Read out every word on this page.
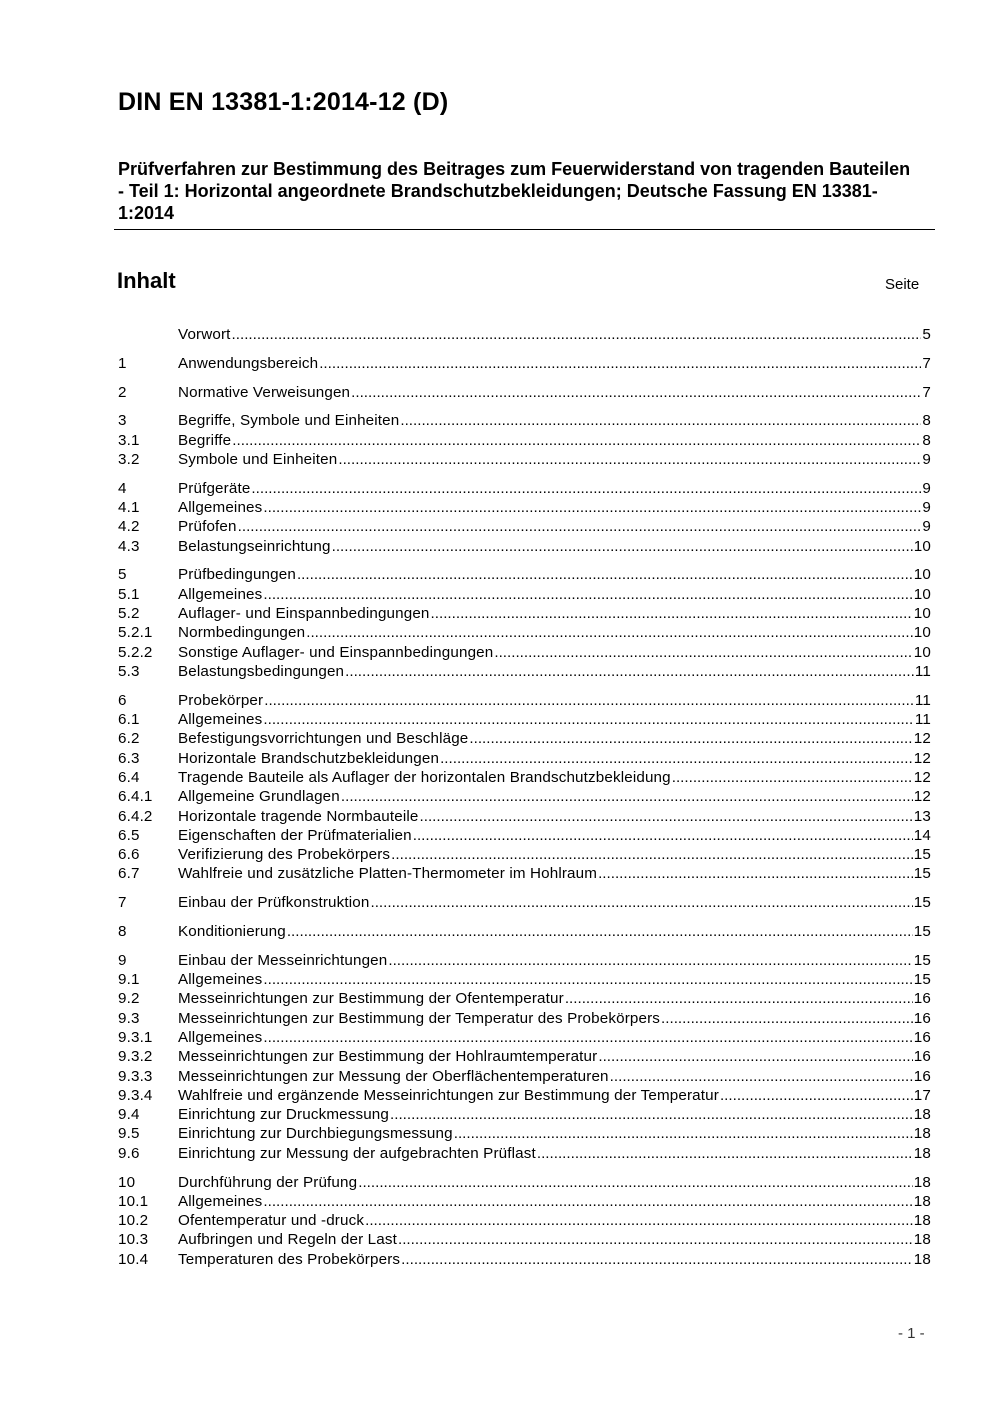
DIN EN 13381-1:2014-12 (D)
Prüfverfahren zur Bestimmung des Beitrages zum Feuerwiderstand von tragenden Bauteilen - Teil 1: Horizontal angeordnete Brandschutzbekleidungen; Deutsche Fassung EN 13381-1:2014
Inhalt	Seite
Vorwort .....	5
1	Anwendungsbereich .....	7
2	Normative Verweisungen .....	7
3	Begriffe, Symbole und Einheiten .....	8
3.1	Begriffe .....	8
3.2	Symbole und Einheiten .....	9
4	Prüfgeräte .....	9
4.1	Allgemeines .....	9
4.2	Prüfofen .....	9
4.3	Belastungseinrichtung .....	10
5	Prüfbedingungen .....	10
5.1	Allgemeines .....	10
5.2	Auflager- und Einspannbedingungen .....	10
5.2.1	Normbedingungen .....	10
5.2.2	Sonstige Auflager- und Einspannbedingungen .....	10
5.3	Belastungsbedingungen .....	11
6	Probekörper .....	11
6.1	Allgemeines .....	11
6.2	Befestigungsvorrichtungen und Beschläge .....	12
6.3	Horizontale Brandschutzbekleidungen .....	12
6.4	Tragende Bauteile als Auflager der horizontalen Brandschutzbekleidung .....	12
6.4.1	Allgemeine Grundlagen .....	12
6.4.2	Horizontale tragende Normbauteile .....	13
6.5	Eigenschaften der Prüfmaterialien .....	14
6.6	Verifizierung des Probekörpers .....	15
6.7	Wahlfreie und zusätzliche Platten-Thermometer im Hohlraum .....	15
7	Einbau der Prüfkonstruktion .....	15
8	Konditionierung .....	15
9	Einbau der Messeinrichtungen .....	15
9.1	Allgemeines .....	15
9.2	Messeinrichtungen zur Bestimmung der Ofentemperatur .....	16
9.3	Messeinrichtungen zur Bestimmung der Temperatur des Probekörpers .....	16
9.3.1	Allgemeines .....	16
9.3.2	Messeinrichtungen zur Bestimmung der Hohlraumtemperatur .....	16
9.3.3	Messeinrichtungen zur Messung der Oberflächentemperaturen .....	16
9.3.4	Wahlfreie und ergänzende Messeinrichtungen zur Bestimmung der Temperatur .....	17
9.4	Einrichtung zur Druckmessung .....	18
9.5	Einrichtung zur Durchbiegungsmessung .....	18
9.6	Einrichtung zur Messung der aufgebrachten Prüflast .....	18
10	Durchführung der Prüfung .....	18
10.1	Allgemeines .....	18
10.2	Ofentemperatur und -druck .....	18
10.3	Aufbringen und Regeln der Last .....	18
10.4	Temperaturen des Probekörpers .....	18
- 1 -
